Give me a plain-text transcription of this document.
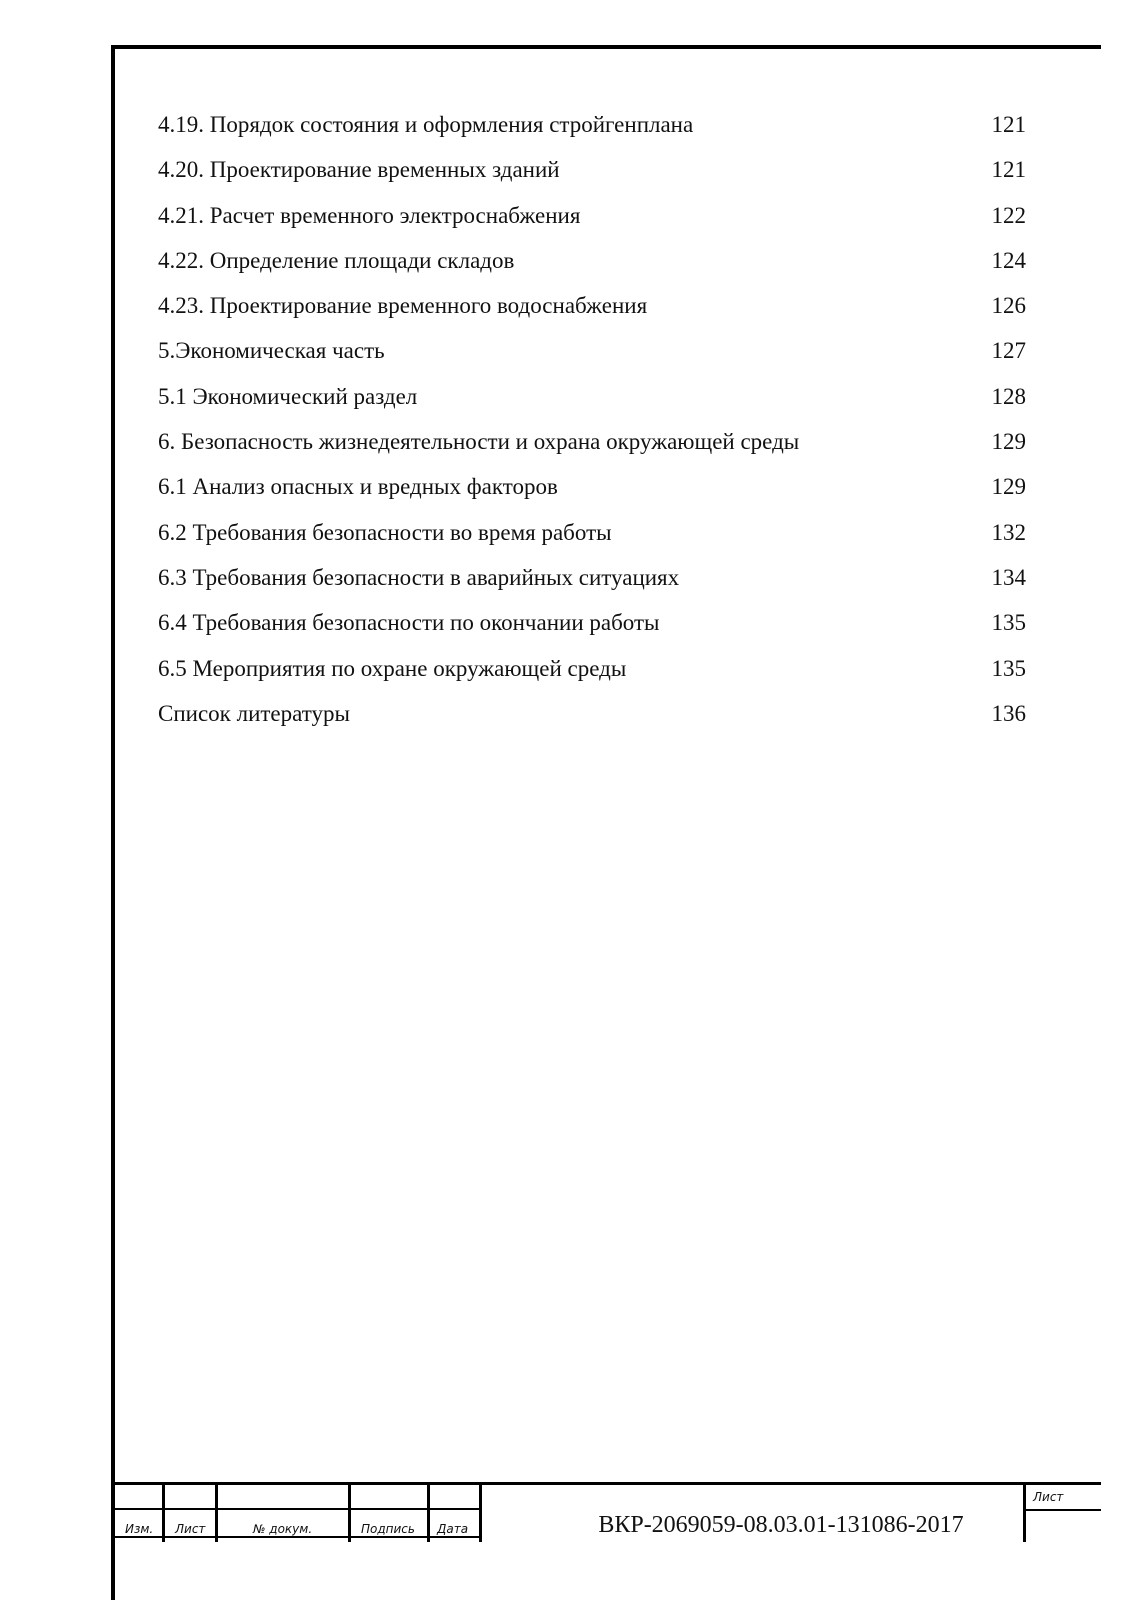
4.19. Порядок состояния и оформления стройгенплана	121
4.20. Проектирование временных зданий	121
4.21. Расчет временного электроснабжения	122
4.22. Определение площади складов	124
4.23. Проектирование временного водоснабжения	126
5.Экономическая часть	127
5.1 Экономический раздел	128
6. Безопасность жизнедеятельности и охрана окружающей среды	129
6.1 Анализ опасных и вредных факторов	129
6.2 Требования безопасности во время работы	132
6.3 Требования безопасности в аварийных ситуациях	134
6.4 Требования безопасности по окончании работы	135
6.5 Мероприятия по охране окружающей среды	135
Список литературы	136
Изм. Лист	№ докум.	Подпись Дата
Лист
ВКР-2069059-08.03.01-131086-2017
